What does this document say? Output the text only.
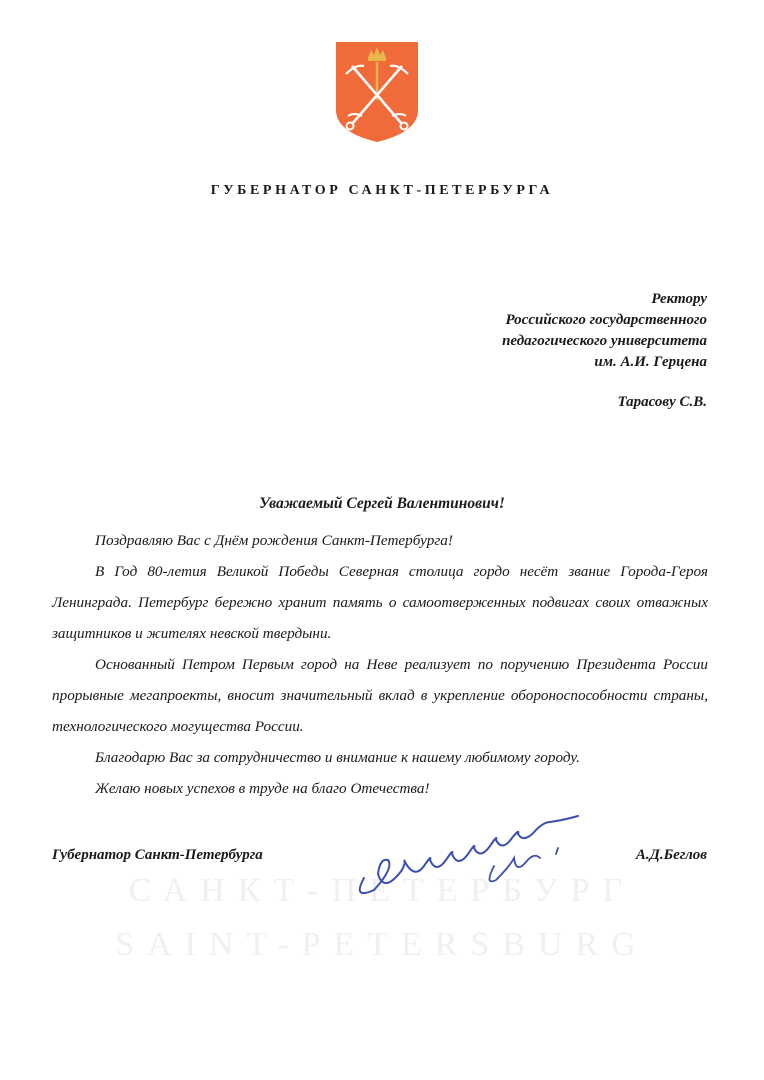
ГУБЕРНАТОР САНКТ-ПЕТЕРБУРГА
Ректору
Российского государственного
педагогического университета
им. А.И. Герцена
Тарасову С.В.
Уважаемый Сергей Валентинович!

Поздравляю Вас с Днём рождения Санкт-Петербурга!

В Год 80-летия Великой Победы Северная столица гордо несёт звание Города-Героя Ленинграда. Петербург бережно хранит память о самоотверженных подвигах своих отважных защитников и жителях невской твердыни.

Основанный Петром Первым город на Неве реализует по поручению Президента России прорывные мегапроекты, вносит значительный вклад в укрепление обороноспособности страны, технологического могущества России.

Благодарю Вас за сотрудничество и внимание к нашему любимому городу.

Желаю новых успехов в труде на благо Отечества!

САНКТ-ПЕТЕРБУРГ
SAINT-PETERSBURG
Губернатор Санкт-Петербурга	А.Д.Беглов
